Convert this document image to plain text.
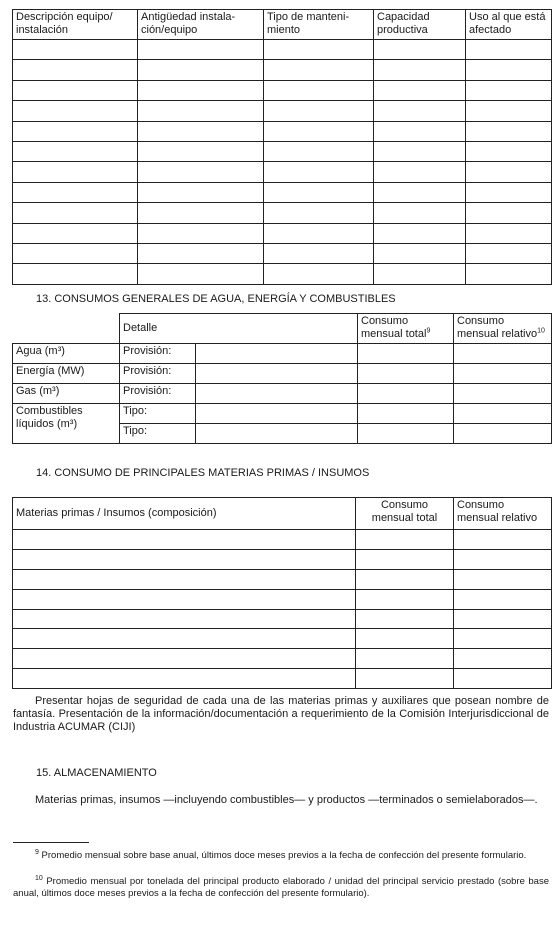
Descripción equipo/ instalación	Antigüedad instala-ción/equipo	Tipo de manteni-miento	Capacidad productiva	Uso al que está afectado

13. CONSUMOS GENERALES DE AGUA, ENERGÍA Y COMBUSTIBLES
	Detalle		Consumo mensual total$^9$	Consumo mensual relativo$^{10}$
Agua (m³)	Provisión:			
Energía (MW)	Provisión:			
Gas (m³)	Provisión:			
Combustibles líquidos (m³)	Tipo:			
	Tipo:			
14. CONSUMO DE PRINCIPALES MATERIAS PRIMAS / INSUMOS
Materias primas / Insumos (composición)	Consumo mensual total	Consumo mensual relativo

Presentar hojas de seguridad de cada una de las materias primas y auxiliares que posean nombre de fantasía. Presentación de la información/documentación a requerimiento de la Comisión Interjurisdiccional de Industria ACUMAR (CIJI)
15. ALMACENAMIENTO
Materias primas, insumos —incluyendo combustibles— y productos —terminados o semielaborados—.
$^9$ Promedio mensual sobre base anual, últimos doce meses previos a la fecha de confección del presente formulario.
$^{10}$ Promedio mensual por tonelada del principal producto elaborado / unidad del principal servicio prestado (sobre base anual, últimos doce meses previos a la fecha de confección del presente formulario).
